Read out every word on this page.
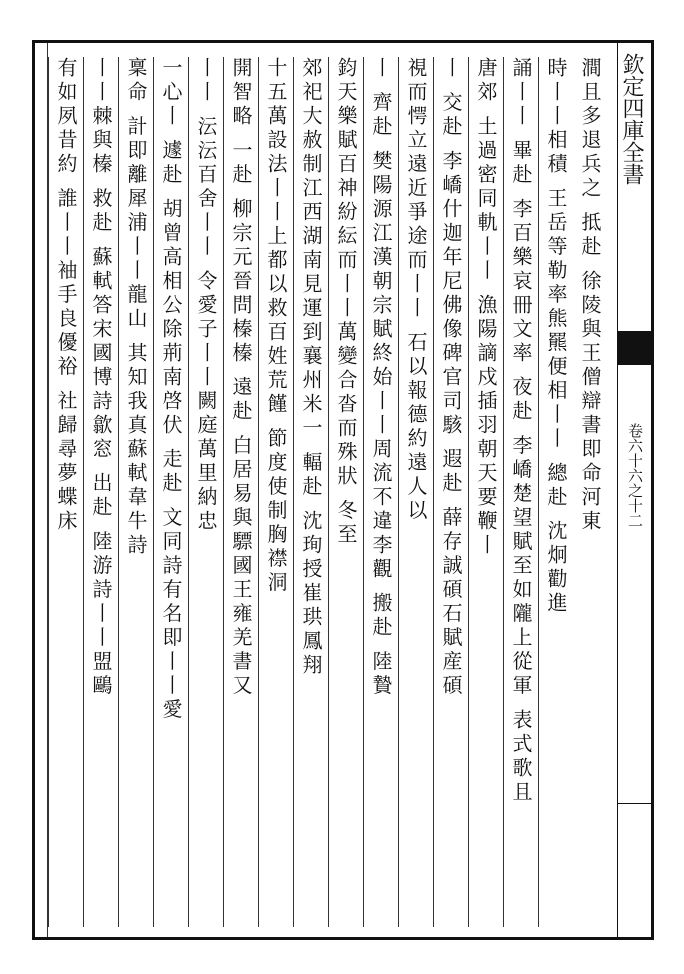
澗且多退兵之 抵赴 徐陵與王僧辯書即命河東
時丨丨相積 王岳等勒率熊羆便相丨丨 總赴 沈炯勸進
誦丨丨 畢赴 李百樂哀冊文率 夜赴 李嶠楚望賦至如隴上從軍 表式歌且
唐郊 土過密同軌丨丨 漁陽謫戍插羽朝天要鞭丨
丨 交赴 李嶠什迦年尼佛像碑官司駭 遐赴 薛存誠碩石賦産碩
視而愕立遠近爭途而丨丨 石以報德約遠人以
丨 齊赴 樊陽源江漢朝宗賦終始丨丨周流不違李觀 搬赴 陸贄
鈞天樂賦百神紛紜而丨丨萬變合沓而殊狀 冬至
郊祀大赦制江西湖南見運到襄州米一 輻赴 沈珣授崔珙鳳翔
十五萬設法丨丨上都以救百姓荒饉 節度使制胸襟洞
開智略 一赴 柳宗元晉問榛榛 遠赴 白居易與驃國王雍羌書又
丨丨 沄沄百舍丨丨 令愛子丨丨闕庭萬里納忠
一心丨 遽赴 胡曾高相公除荊南啓伏 走赴 文同詩有名即丨丨愛
稟命 計即離犀浦丨丨龍山 其知我真蘇軾韋牛詩
丨丨棘與榛 救赴 蘇軾答宋國博詩歙窓 出赴 陸游詩丨丨盟鷗
有如夙昔約 誰丨丨袖手良優裕 社歸尋夢蝶床	欽定四庫全書
卷六十六之十二
